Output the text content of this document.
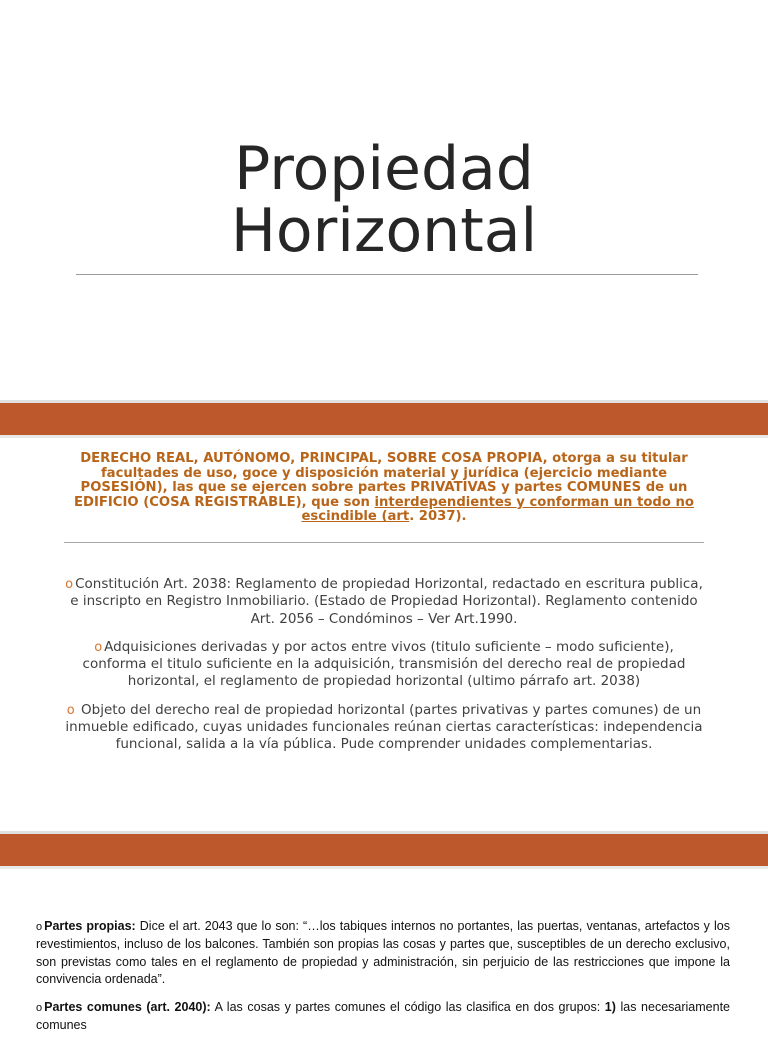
Propiedad
Horizontal
DERECHO REAL, AUTÓNOMO, PRINCIPAL, SOBRE COSA PROPIA, otorga a su titular facultades de uso, goce y disposición material y jurídica (ejercicio mediante POSESIÓN), las que se ejercen sobre partes PRIVATIVAS y partes COMUNES de un EDIFICIO (COSA REGISTRABLE), que son interdependientes y conforman un todo no escindible (art. 2037).
o Constitución Art. 2038: Reglamento de propiedad Horizontal, redactado en escritura publica, e inscripto en Registro Inmobiliario. (Estado de Propiedad Horizontal). Reglamento contenido Art. 2056 – Condóminos – Ver Art.1990.
o Adquisiciones derivadas y por actos entre vivos (titulo suficiente – modo suficiente), conforma el titulo suficiente en la adquisición, transmisión del derecho real de propiedad horizontal, el reglamento de propiedad horizontal (ultimo párrafo art. 2038)
o Objeto del derecho real de propiedad horizontal (partes privativas y partes comunes) de un inmueble edificado, cuyas unidades funcionales reúnan ciertas características: independencia funcional, salida a la vía pública. Pude comprender unidades complementarias.
o Partes propias: Dice el art. 2043 que lo son: “…los tabiques internos no portantes, las puertas, ventanas, artefactos y los revestimientos, incluso de los balcones. También son propias las cosas y partes que, susceptibles de un derecho exclusivo, son previstas como tales en el reglamento de propiedad y administración, sin perjuicio de las restricciones que impone la convivencia ordenada”.
o Partes comunes (art. 2040): A las cosas y partes comunes el código las clasifica en dos grupos: 1) las necesariamente comunes
